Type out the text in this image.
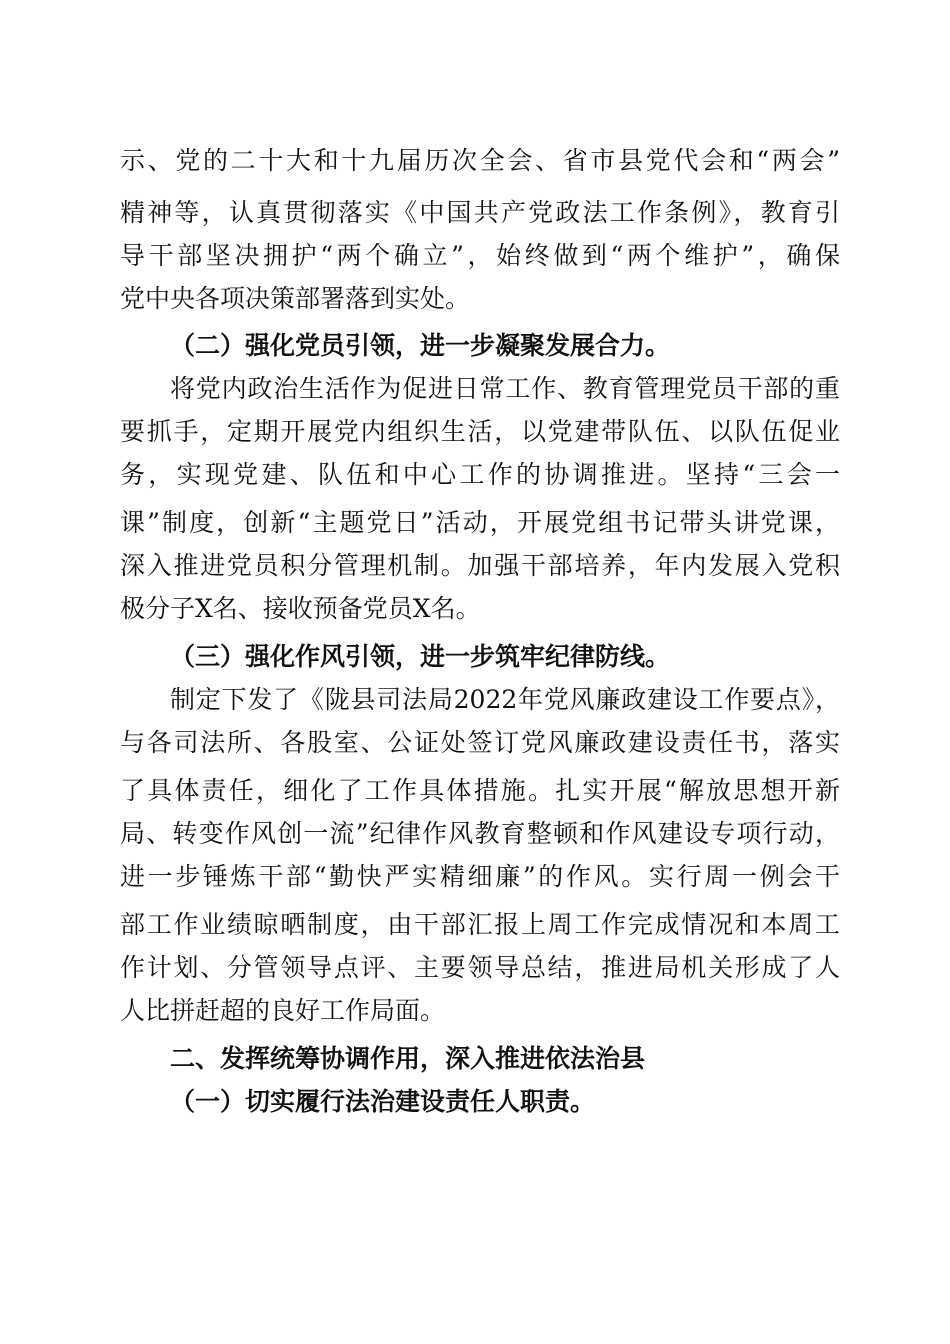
示、党的二十大和十九届历次全会、省市县党代会和“两会”
精神等，认真贯彻落实《中国共产党政法工作条例》，教育引
导干部坚决拥护“两个确立”，始终做到“两个维护”，确保
党中央各项决策部署落到实处。
（二）强化党员引领，进一步凝聚发展合力。
将党内政治生活作为促进日常工作、教育管理党员干部的重
要抓手，定期开展党内组织生活，以党建带队伍、以队伍促业
务，实现党建、队伍和中心工作的协调推进。坚持“三会一
课”制度，创新“主题党日”活动，开展党组书记带头讲党课，
深入推进党员积分管理机制。加强干部培养，年内发展入党积
极分子X名、接收预备党员X名。
（三）强化作风引领，进一步筑牢纪律防线。
制定下发了《陇县司法局2022年党风廉政建设工作要点》，
与各司法所、各股室、公证处签订党风廉政建设责任书，落实
了具体责任，细化了工作具体措施。扎实开展“解放思想开新
局、转变作风创一流”纪律作风教育整顿和作风建设专项行动，
进一步锤炼干部“勤快严实精细廉”的作风。实行周一例会干
部工作业绩晾晒制度，由干部汇报上周工作完成情况和本周工
作计划、分管领导点评、主要领导总结，推进局机关形成了人
人比拼赶超的良好工作局面。
二、发挥统筹协调作用，深入推进依法治县
（一）切实履行法治建设责任人职责。
